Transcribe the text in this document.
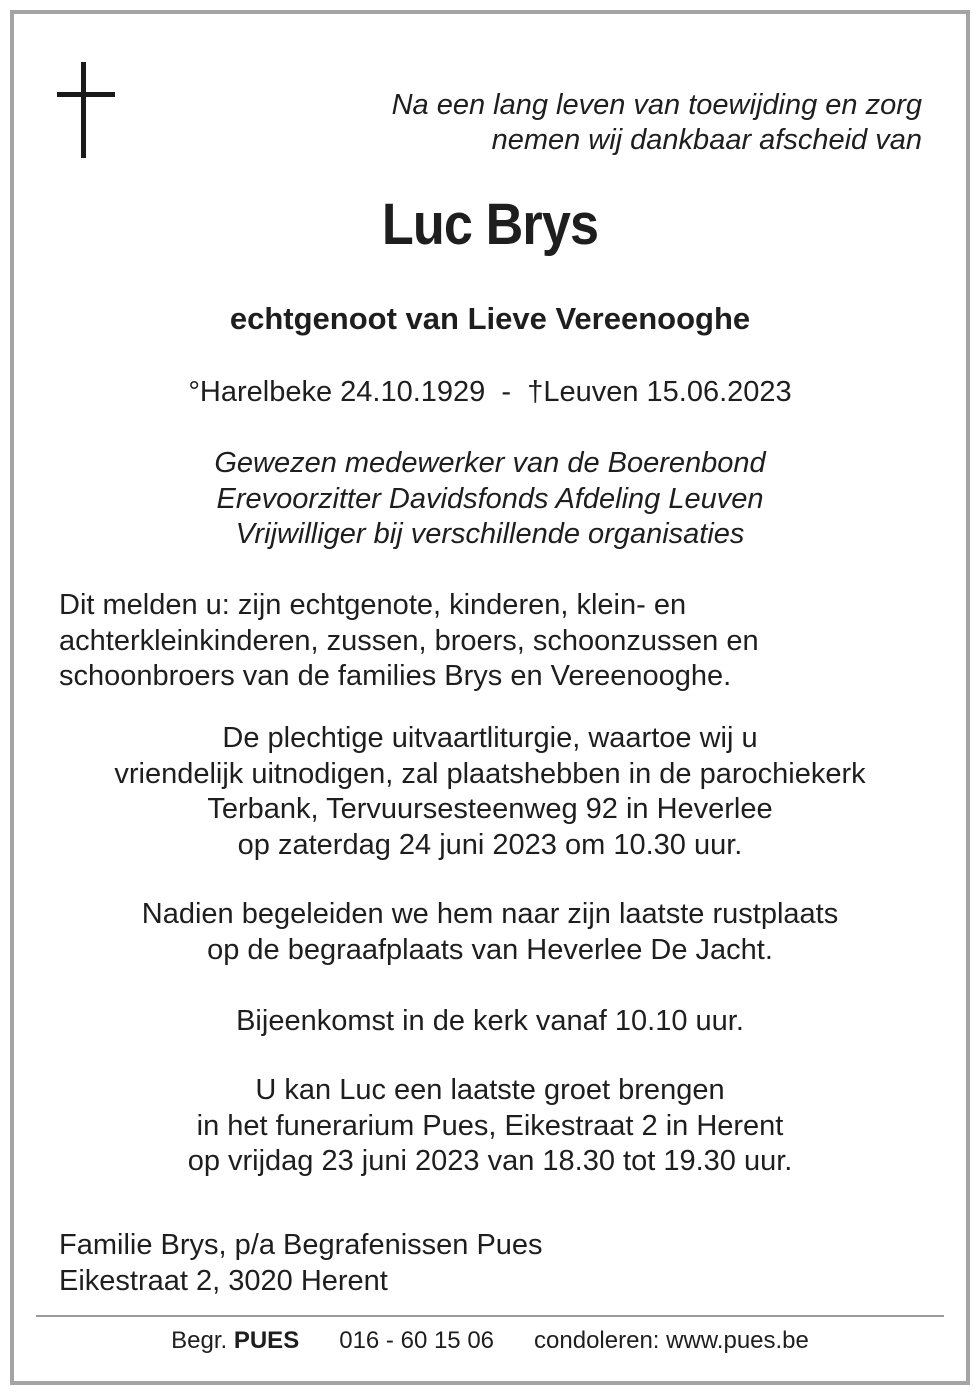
Na een lang leven van toewijding en zorg
nemen wij dankbaar afscheid van
Luc Brys
echtgenoot van Lieve Vereenooghe
°Harelbeke 24.10.1929  -  †Leuven 15.06.2023
Gewezen medewerker van de Boerenbond
Erevoorzitter Davidsfonds Afdeling Leuven
Vrijwilliger bij verschillende organisaties
Dit melden u: zijn echtgenote, kinderen, klein- en
achterkleinkinderen, zussen, broers, schoonzussen en
schoonbroers van de families Brys en Vereenooghe.
De plechtige uitvaartliturgie, waartoe wij u
vriendelijk uitnodigen, zal plaatshebben in de parochiekerk
Terbank, Tervuursesteenweg 92 in Heverlee
op zaterdag 24 juni 2023 om 10.30 uur.
Nadien begeleiden we hem naar zijn laatste rustplaats
op de begraafplaats van Heverlee De Jacht.
Bijeenkomst in de kerk vanaf 10.10 uur.
U kan Luc een laatste groet brengen
in het funerarium Pues, Eikestraat 2 in Herent
op vrijdag 23 juni 2023 van 18.30 tot 19.30 uur.
Familie Brys, p/a Begrafenissen Pues
Eikestraat 2, 3020 Herent
Begr. PUES 016 - 60 15 06 condoleren: www.pues.be
